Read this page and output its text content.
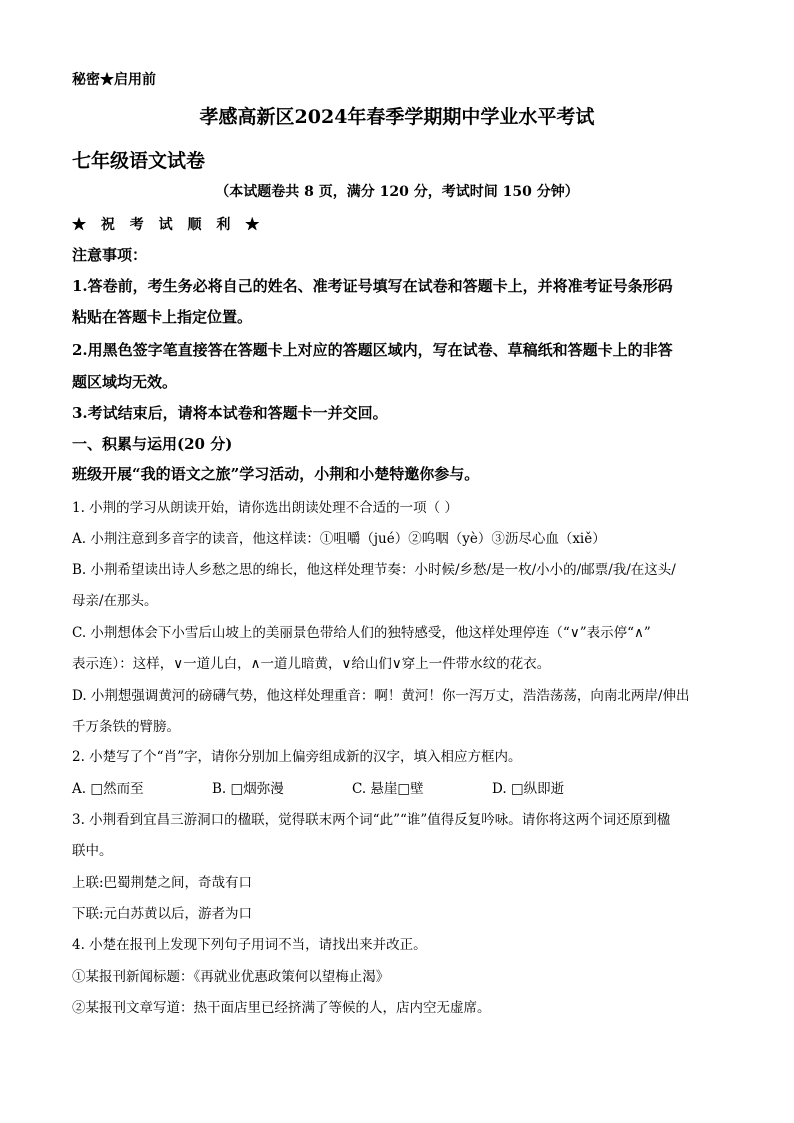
秘密★启用前
孝感高新区2024年春季学期期中学业水平考试
七年级语文试卷
（本试题卷共 8 页，满分 120 分，考试时间 150 分钟）
★ 祝 考 试 顺 利 ★
注意事项：
1.答卷前，考生务必将自己的姓名、准考证号填写在试卷和答题卡上，并将准考证号条形码
粘贴在答题卡上指定位置。
2.用黑色签字笔直接答在答题卡上对应的答题区域内，写在试卷、草稿纸和答题卡上的非答
题区域均无效。
3.考试结束后，请将本试卷和答题卡一并交回。
一、积累与运用(20 分)
班级开展“我的语文之旅”学习活动，小荆和小楚特邀你参与。
1. 小荆的学习从朗读开始，请你选出朗读处理不合适的一项（ ）
A. 小荆注意到多音字的读音，他这样读：①咀嚼（jué）②呜咽（yè）③沥尽心血（xiě）
B. 小荆希望读出诗人乡愁之思的绵长，他这样处理节奏：小时候/乡愁/是一枚/小小的/邮票/我/在这头/
母亲/在那头。
C. 小荆想体会下小雪后山坡上的美丽景色带给人们的独特感受，他这样处理停连（“∨”表示停“∧”
表示连）：这样，∨一道儿白，∧一道儿暗黄，∨给山们∨穿上一件带水纹的花衣。
D. 小荆想强调黄河的磅礴气势，他这样处理重音：啊！黄河！你一泻万丈，浩浩荡荡，向南北两岸/伸出
千万条铁的臂膀。
2. 小楚写了个“肖”字，请你分别加上偏旁组成新的汉字，填入相应方框内。
A. □然而至	B. □烟弥漫	C. 悬崖□壁	D. □纵即逝
3. 小荆看到宜昌三游洞口的楹联，觉得联末两个词“此”“谁”值得反复吟咏。请你将这两个词还原到楹
联中。
上联:巴蜀荆楚之间，奇哉有口
下联:元白苏黄以后，游者为口
4. 小楚在报刊上发现下列句子用词不当，请找出来并改正。
①某报刊新闻标题：《再就业优惠政策何以望梅止渴》
②某报刊文章写道：热干面店里已经挤满了等候的人，店内空无虚席。
